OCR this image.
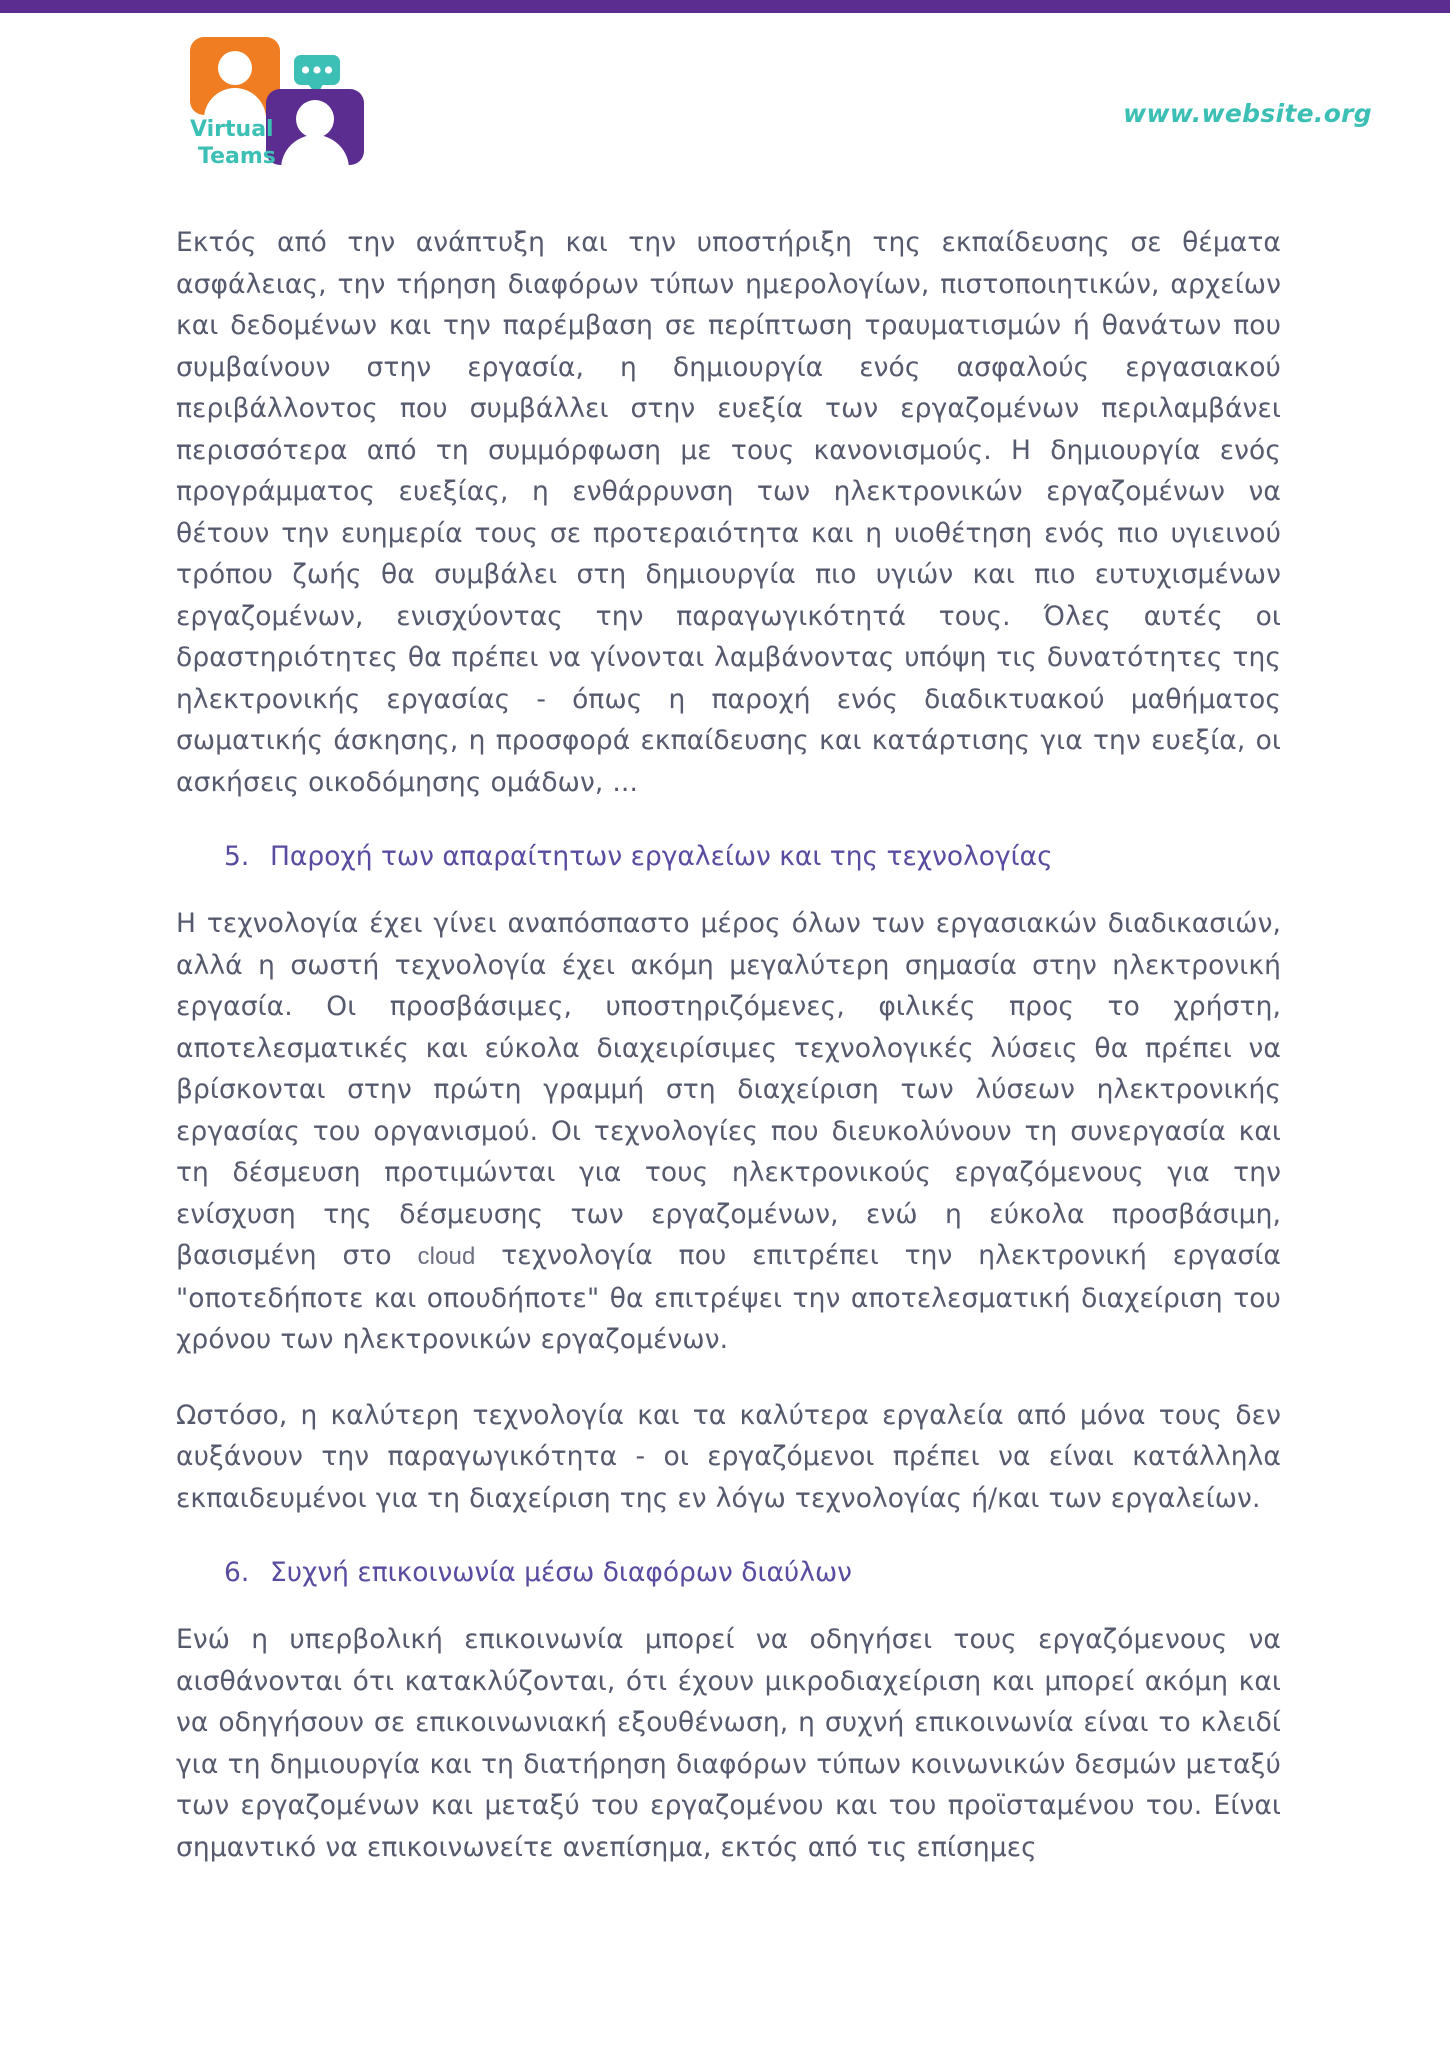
Virtual
Teams
www.website.org

Εκτός από την ανάπτυξη και την υποστήριξη της εκπαίδευσης σε θέματα ασφάλειας, την τήρηση διαφόρων τύπων ημερολογίων, πιστοποιητικών, αρχείων και δεδομένων και την παρέμβαση σε περίπτωση τραυματισμών ή θανάτων που συμβαίνουν στην εργασία, η δημιουργία ενός ασφαλούς εργασιακού περιβάλλοντος που συμβάλλει στην ευεξία των εργαζομένων περιλαμβάνει περισσότερα από τη συμμόρφωση με τους κανονισμούς. Η δημιουργία ενός προγράμματος ευεξίας, η ενθάρρυνση των ηλεκτρονικών εργαζομένων να θέτουν την ευημερία τους σε προτεραιότητα και η υιοθέτηση ενός πιο υγιεινού τρόπου ζωής θα συμβάλει στη δημιουργία πιο υγιών και πιο ευτυχισμένων εργαζομένων, ενισχύοντας την παραγωγικότητά τους. Όλες αυτές οι δραστηριότητες θα πρέπει να γίνονται λαμβάνοντας υπόψη τις δυνατότητες της ηλεκτρονικής εργασίας - όπως η παροχή ενός διαδικτυακού μαθήματος σωματικής άσκησης, η προσφορά εκπαίδευσης και κατάρτισης για την ευεξία, οι ασκήσεις οικοδόμησης ομάδων, ...

5. Παροχή των απαραίτητων εργαλείων και της τεχνολογίας

Η τεχνολογία έχει γίνει αναπόσπαστο μέρος όλων των εργασιακών διαδικασιών, αλλά η σωστή τεχνολογία έχει ακόμη μεγαλύτερη σημασία στην ηλεκτρονική εργασία. Οι προσβάσιμες, υποστηριζόμενες, φιλικές προς το χρήστη, αποτελεσματικές και εύκολα διαχειρίσιμες τεχνολογικές λύσεις θα πρέπει να βρίσκονται στην πρώτη γραμμή στη διαχείριση των λύσεων ηλεκτρονικής εργασίας του οργανισμού. Οι τεχνολογίες που διευκολύνουν τη συνεργασία και τη δέσμευση προτιμώνται για τους ηλεκτρονικούς εργαζόμενους για την ενίσχυση της δέσμευσης των εργαζομένων, ενώ η εύκολα προσβάσιμη, βασισμένη στο cloud τεχνολογία που επιτρέπει την ηλεκτρονική εργασία "οποτεδήποτε και οπουδήποτε" θα επιτρέψει την αποτελεσματική διαχείριση του χρόνου των ηλεκτρονικών εργαζομένων.

Ωστόσο, η καλύτερη τεχνολογία και τα καλύτερα εργαλεία από μόνα τους δεν αυξάνουν την παραγωγικότητα - οι εργαζόμενοι πρέπει να είναι κατάλληλα εκπαιδευμένοι για τη διαχείριση της εν λόγω τεχνολογίας ή/και των εργαλείων.

6. Συχνή επικοινωνία μέσω διαφόρων διαύλων

Ενώ η υπερβολική επικοινωνία μπορεί να οδηγήσει τους εργαζόμενους να αισθάνονται ότι κατακλύζονται, ότι έχουν μικροδιαχείριση και μπορεί ακόμη και να οδηγήσουν σε επικοινωνιακή εξουθένωση, η συχνή επικοινωνία είναι το κλειδί για τη δημιουργία και τη διατήρηση διαφόρων τύπων κοινωνικών δεσμών μεταξύ των εργαζομένων και μεταξύ του εργαζομένου και του προϊσταμένου του. Είναι σημαντικό να επικοινωνείτε ανεπίσημα, εκτός από τις επίσημες
